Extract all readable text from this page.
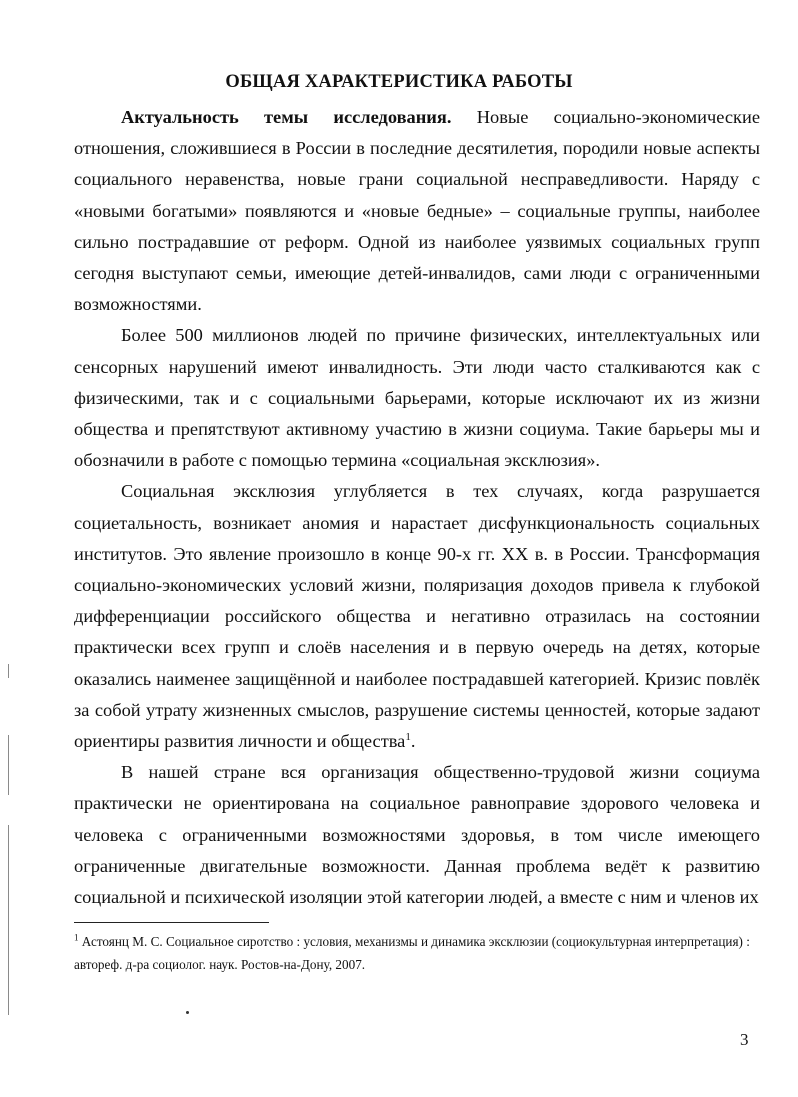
ОБЩАЯ ХАРАКТЕРИСТИКА РАБОТЫ

Актуальность темы исследования. Новые социально-экономические отношения, сложившиеся в России в последние десятилетия, породили новые аспекты социального неравенства, новые грани социальной несправедливости. Наряду с «новыми богатыми» появляются и «новые бедные» – социальные группы, наиболее сильно пострадавшие от реформ. Одной из наиболее уязвимых социальных групп сегодня выступают семьи, имеющие детей-инвалидов, сами люди с ограниченными возможностями.

Более 500 миллионов людей по причине физических, интеллектуальных или сенсорных нарушений имеют инвалидность. Эти люди часто сталкиваются как с физическими, так и с социальными барьерами, которые исключают их из жизни общества и препятствуют активному участию в жизни социума. Такие барьеры мы и обозначили в работе с помощью термина «социальная эксклюзия».

Социальная эксклюзия углубляется в тех случаях, когда разрушается социетальность, возникает аномия и нарастает дисфункциональность социальных институтов. Это явление произошло в конце 90-х гг. XX в. в России. Трансформация социально-экономических условий жизни, поляризация доходов привела к глубокой дифференциации российского общества и негативно отразилась на состоянии практически всех групп и слоёв населения и в первую очередь на детях, которые оказались наименее защищённой и наиболее пострадавшей категорией. Кризис повлёк за собой утрату жизненных смыслов, разрушение системы ценностей, которые задают ориентиры развития личности и общества$^1$.

В нашей стране вся организация общественно-трудовой жизни социума практически не ориентирована на социальное равноправие здорового человека и человека с ограниченными возможностями здоровья, в том числе имеющего ограниченные двигательные возможности. Данная проблема ведёт к развитию социальной и психической изоляции этой категории людей, а вместе с ним и членов их

$^1$ Астоянц М. С. Социальное сиротство : условия, механизмы и динамика эксклюзии (социокультурная интерпретация) : автореф. д-ра социолог. наук. Ростов-на-Дону, 2007.

3
